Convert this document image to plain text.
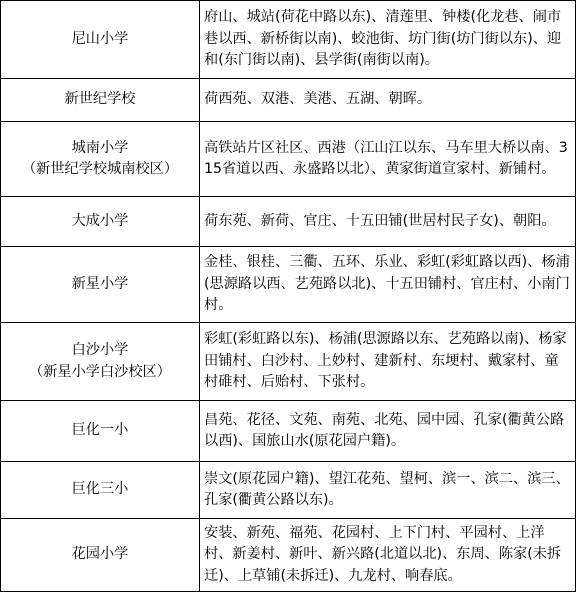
尼山小学	府山、城站(荷花中路以东)、清莲里、钟楼(化龙巷、闹市巷以西、新桥街以南)、蛟池街、坊门街(坊门街以东)、迎和(东门街以南)、县学街(南街以南)。

新世纪学校	荷西苑、双港、美港、五湖、朝晖。

城南小学
（新世纪学校城南校区）	高铁站片区社区、西港（江山江以东、马车里大桥以南、315省道以西、永盛路以北）、黄家街道宣家村、新铺村。

大成小学	荷东苑、新荷、官庄、十五田铺(世居村民子女)、朝阳。

新星小学	金桂、银桂、三衢、五环、乐业、彩虹(彩虹路以西)、杨浦(思源路以西、艺苑路以北)、十五田铺村、官庄村、小南门村。

白沙小学
（新星小学白沙校区）	彩虹(彩虹路以东)、杨浦(思源路以东、艺苑路以南)、杨家田铺村、白沙村、上妙村、建新村、东埂村、戴家村、童村碓村、后贻村、下张村。

巨化一小	昌苑、花径、文苑、南苑、北苑、园中园、孔家(衢黄公路以西)、国旅山水(原花园户籍)。

巨化三小	崇文(原花园户籍)、望江花苑、望柯、滨一、滨二、滨三、孔家(衢黄公路以东)。

花园小学	安装、新苑、福苑、花园村、上下门村、平园村、上洋村、新姜村、新叶、新兴路(北道以北)、东周、陈家(未拆迁)、上草铺(未拆迁)、九龙村、响春底。
